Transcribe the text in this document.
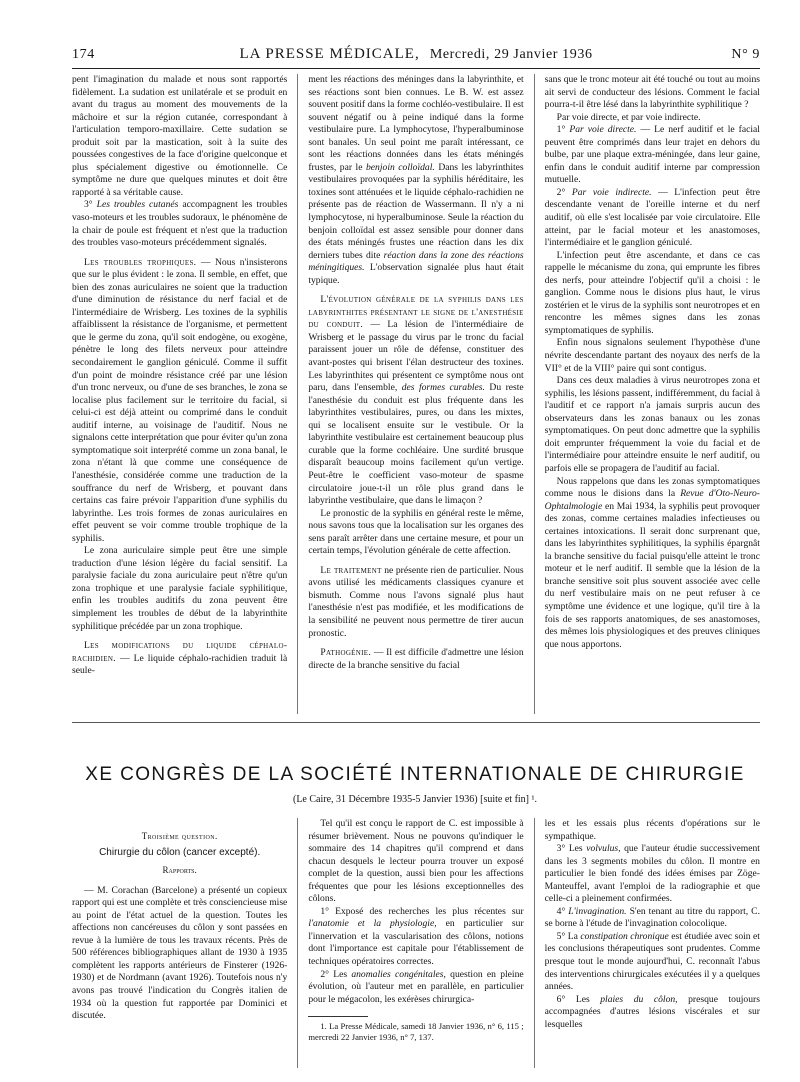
174	LA PRESSE MÉDICALE, Mercredi, 29 Janvier 1936	N° 9

pent l'imagination du malade et nous sont rapportés fidèlement. La sudation est unilatérale et se produit en avant du tragus au moment des mouvements de la mâchoire et sur la région cutanée, correspondant à l'articulation temporo-maxillaire. Cette sudation se produit soit par la mastication, soit à la suite des poussées congestives de la face d'origine quelconque et plus spécialement digestive ou émotionnelle. Ce symptôme ne dure que quelques minutes et doit être rapporté à sa véritable cause.

3° Les troubles cutanés accompagnent les troubles vaso-moteurs et les troubles sudoraux, le phénomène de la chair de poule est fréquent et n'est que la traduction des troubles vaso-moteurs précédemment signalés.

Les troubles trophiques. — Nous n'insisterons que sur le plus évident : le zona. Il semble, en effet, que bien des zonas auriculaires ne soient que la traduction d'une diminution de résistance du nerf facial et de l'intermédiaire de Wrisberg. Les toxines de la syphilis affaiblissent la résistance de l'organisme, et permettent que le germe du zona, qu'il soit endogène, ou exogène, pénètre le long des filets nerveux pour atteindre secondairement le ganglion géniculé. Comme il suffit d'un point de moindre résistance créé par une lésion d'un tronc nerveux, ou d'une de ses branches, le zona se localise plus facilement sur le territoire du facial, si celui-ci est déjà atteint ou comprimé dans le conduit auditif interne, au voisinage de l'auditif. Nous ne signalons cette interprétation que pour éviter qu'un zona symptomatique soit interprété comme un zona banal, le zona n'étant là que comme une conséquence de l'anesthésie, considérée comme une traduction de la souffrance du nerf de Wrisberg, et pouvant dans certains cas faire prévoir l'apparition d'une syphilis du labyrinthe. Les trois formes de zonas auriculaires en effet peuvent se voir comme trouble trophique de la syphilis.

Le zona auriculaire simple peut être une simple traduction d'une lésion légère du facial sensitif. La paralysie faciale du zona auriculaire peut n'être qu'un zona trophique et une paralysie faciale syphilitique, enfin les troubles auditifs du zona peuvent être simplement les troubles de début de la labyrinthite syphilitique précédée par un zona trophique.

Les modifications du liquide céphalo-rachidien. — Le liquide céphalo-rachidien traduit là seule-

ment les réactions des méninges dans la labyrinthite, et ses réactions sont bien connues. Le B. W. est assez souvent positif dans la forme cochléo-vestibulaire. Il est souvent négatif ou à peine indiqué dans la forme vestibulaire pure. La lymphocytose, l'hyperalbuminose sont banales. Un seul point me paraît intéressant, ce sont les réactions données dans les états méningés frustes, par le benjoin colloïdal. Dans les labyrinthites vestibulaires provoquées par la syphilis héréditaire, les toxines sont atténuées et le liquide céphalo-rachidien ne présente pas de réaction de Wassermann. Il n'y a ni lymphocytose, ni hyperalbuminose. Seule la réaction du benjoin colloïdal est assez sensible pour donner dans des états méningés frustes une réaction dans les dix derniers tubes dite réaction dans la zone des réactions méningitiques. L'observation signalée plus haut était typique.

L'évolution générale de la syphilis dans les labyrinthites présentant le signe de l'anesthésie du conduit. — La lésion de l'intermédiaire de Wrisberg et le passage du virus par le tronc du facial paraissent jouer un rôle de défense, constituer des avant-postes qui brisent l'élan destructeur des toxines. Les labyrinthites qui présentent ce symptôme nous ont paru, dans l'ensemble, des formes curables. Du reste l'anesthésie du conduit est plus fréquente dans les labyrinthites vestibulaires, pures, ou dans les mixtes, qui se localisent ensuite sur le vestibule. Or la labyrinthite vestibulaire est certainement beaucoup plus curable que la forme cochléaire. Une surdité brusque disparaît beaucoup moins facilement qu'un vertige. Peut-être le coefficient vaso-moteur de spasme circulatoire joue-t-il un rôle plus grand dans le labyrinthe vestibulaire, que dans le limaçon ?

Le pronostic de la syphilis en général reste le même, nous savons tous que la localisation sur les organes des sens paraît arrêter dans une certaine mesure, et pour un certain temps, l'évolution générale de cette affection.

Le traitement ne présente rien de particulier. Nous avons utilisé les médicaments classiques cyanure et bismuth. Comme nous l'avons signalé plus haut l'anesthésie n'est pas modifiée, et les modifications de la sensibilité ne peuvent nous permettre de tirer aucun pronostic.

Pathogénie. — Il est difficile d'admettre une lésion directe de la branche sensitive du facial

sans que le tronc moteur ait été touché ou tout au moins ait servi de conducteur des lésions. Comment le facial pourra-t-il être lésé dans la labyrinthite syphilitique ?

Par voie directe, et par voie indirecte.

1° Par voie directe. — Le nerf auditif et le facial peuvent être comprimés dans leur trajet en dehors du bulbe, par une plaque extra-méningée, dans leur gaine, enfin dans le conduit auditif interne par compression mutuelle.

2° Par voie indirecte. — L'infection peut être descendante venant de l'oreille interne et du nerf auditif, où elle s'est localisée par voie circulatoire. Elle atteint, par le facial moteur et les anastomoses, l'intermédiaire et le ganglion géniculé.

L'infection peut être ascendante, et dans ce cas rappelle le mécanisme du zona, qui emprunte les fibres des nerfs, pour atteindre l'objectif qu'il a choisi : le ganglion. Comme nous le disions plus haut, le virus zostérien et le virus de la syphilis sont neurotropes et en rencontre les mêmes signes dans les zonas symptomatiques de syphilis.

Enfin nous signalons seulement l'hypothèse d'une névrite descendante partant des noyaux des nerfs de la VII° et de la VIII° paire qui sont contigus.

Dans ces deux maladies à virus neurotropes zona et syphilis, les lésions passent, indifféremment, du facial à l'auditif et ce rapport n'a jamais surpris aucun des observateurs dans les zonas banaux ou les zonas symptomatiques. On peut donc admettre que la syphilis doit emprunter fréquemment la voie du facial et de l'intermédiaire pour atteindre ensuite le nerf auditif, ou parfois elle se propagera de l'auditif au facial.

Nous rappelons que dans les zonas symptomatiques comme nous le disions dans la Revue d'Oto-Neuro-Ophtalmologie en Mai 1934, la syphilis peut provoquer des zonas, comme certaines maladies infectieuses ou certaines intoxications. Il serait donc surprenant que, dans les labyrinthites syphilitiques, la syphilis épargnât la branche sensitive du facial puisqu'elle atteint le tronc moteur et le nerf auditif. Il semble que la lésion de la branche sensitive soit plus souvent associée avec celle du nerf vestibulaire mais on ne peut refuser à ce symptôme une évidence et une logique, qu'il tire à la fois de ses rapports anatomiques, de ses anastomoses, des mêmes lois physiologiques et des preuves cliniques que nous apportons.

XE CONGRÈS DE LA SOCIÉTÉ INTERNATIONALE DE CHIRURGIE
(Le Caire, 31 Décembre 1935-5 Janvier 1936) [suite et fin] ¹.
Troisième question.
Chirurgie du côlon (cancer excepté).
Rapports.

— M. Corachan (Barcelone) a présenté un copieux rapport qui est une complète et très consciencieuse mise au point de l'état actuel de la question. Toutes les affections non cancéreuses du côlon y sont passées en revue à la lumière de tous les travaux récents. Près de 500 références bibliographiques allant de 1930 à 1935 complètent les rapports antérieurs de Finsterer (1926-1930) et de Nordmann (avant 1926). Toutefois nous n'y avons pas trouvé l'indication du Congrès italien de 1934 où la question fut rapportée par Dominici et discutée.

Tel qu'il est conçu le rapport de C. est impossible à résumer brièvement. Nous ne pouvons qu'indiquer le sommaire des 14 chapitres qu'il comprend et dans chacun desquels le lecteur pourra trouver un exposé complet de la question, aussi bien pour les affections fréquentes que pour les lésions exceptionnelles des côlons.

1° Exposé des recherches les plus récentes sur l'anatomie et la physiologie, en particulier sur l'innervation et la vascularisation des côlons, notions dont l'importance est capitale pour l'établissement de techniques opératoires correctes.

2° Les anomalies congénitales, question en pleine évolution, où l'auteur met en parallèle, en particulier pour le mégacolon, les exérèses chirurgica-

1. La Presse Médicale, samedi 18 Janvier 1936, n° 6, 115 ; mercredi 22 Janvier 1936, n° 7, 137.

les et les essais plus récents d'opérations sur le sympathique.

3° Les volvulus, que l'auteur étudie successivement dans les 3 segments mobiles du côlon. Il montre en particulier le bien fondé des idées émises par Zöge-Manteuffel, avant l'emploi de la radiographie et que celle-ci a pleinement confirmées.

4° L'invagination. S'en tenant au titre du rapport, C. se borne à l'étude de l'invagination colocolique.

5° La constipation chronique est étudiée avec soin et les conclusions thérapeutiques sont prudentes. Comme presque tout le monde aujourd'hui, C. reconnaît l'abus des interventions chirurgicales exécutées il y a quelques années.

6° Les plaies du côlon, presque toujours accompagnées d'autres lésions viscérales et sur lesquelles
